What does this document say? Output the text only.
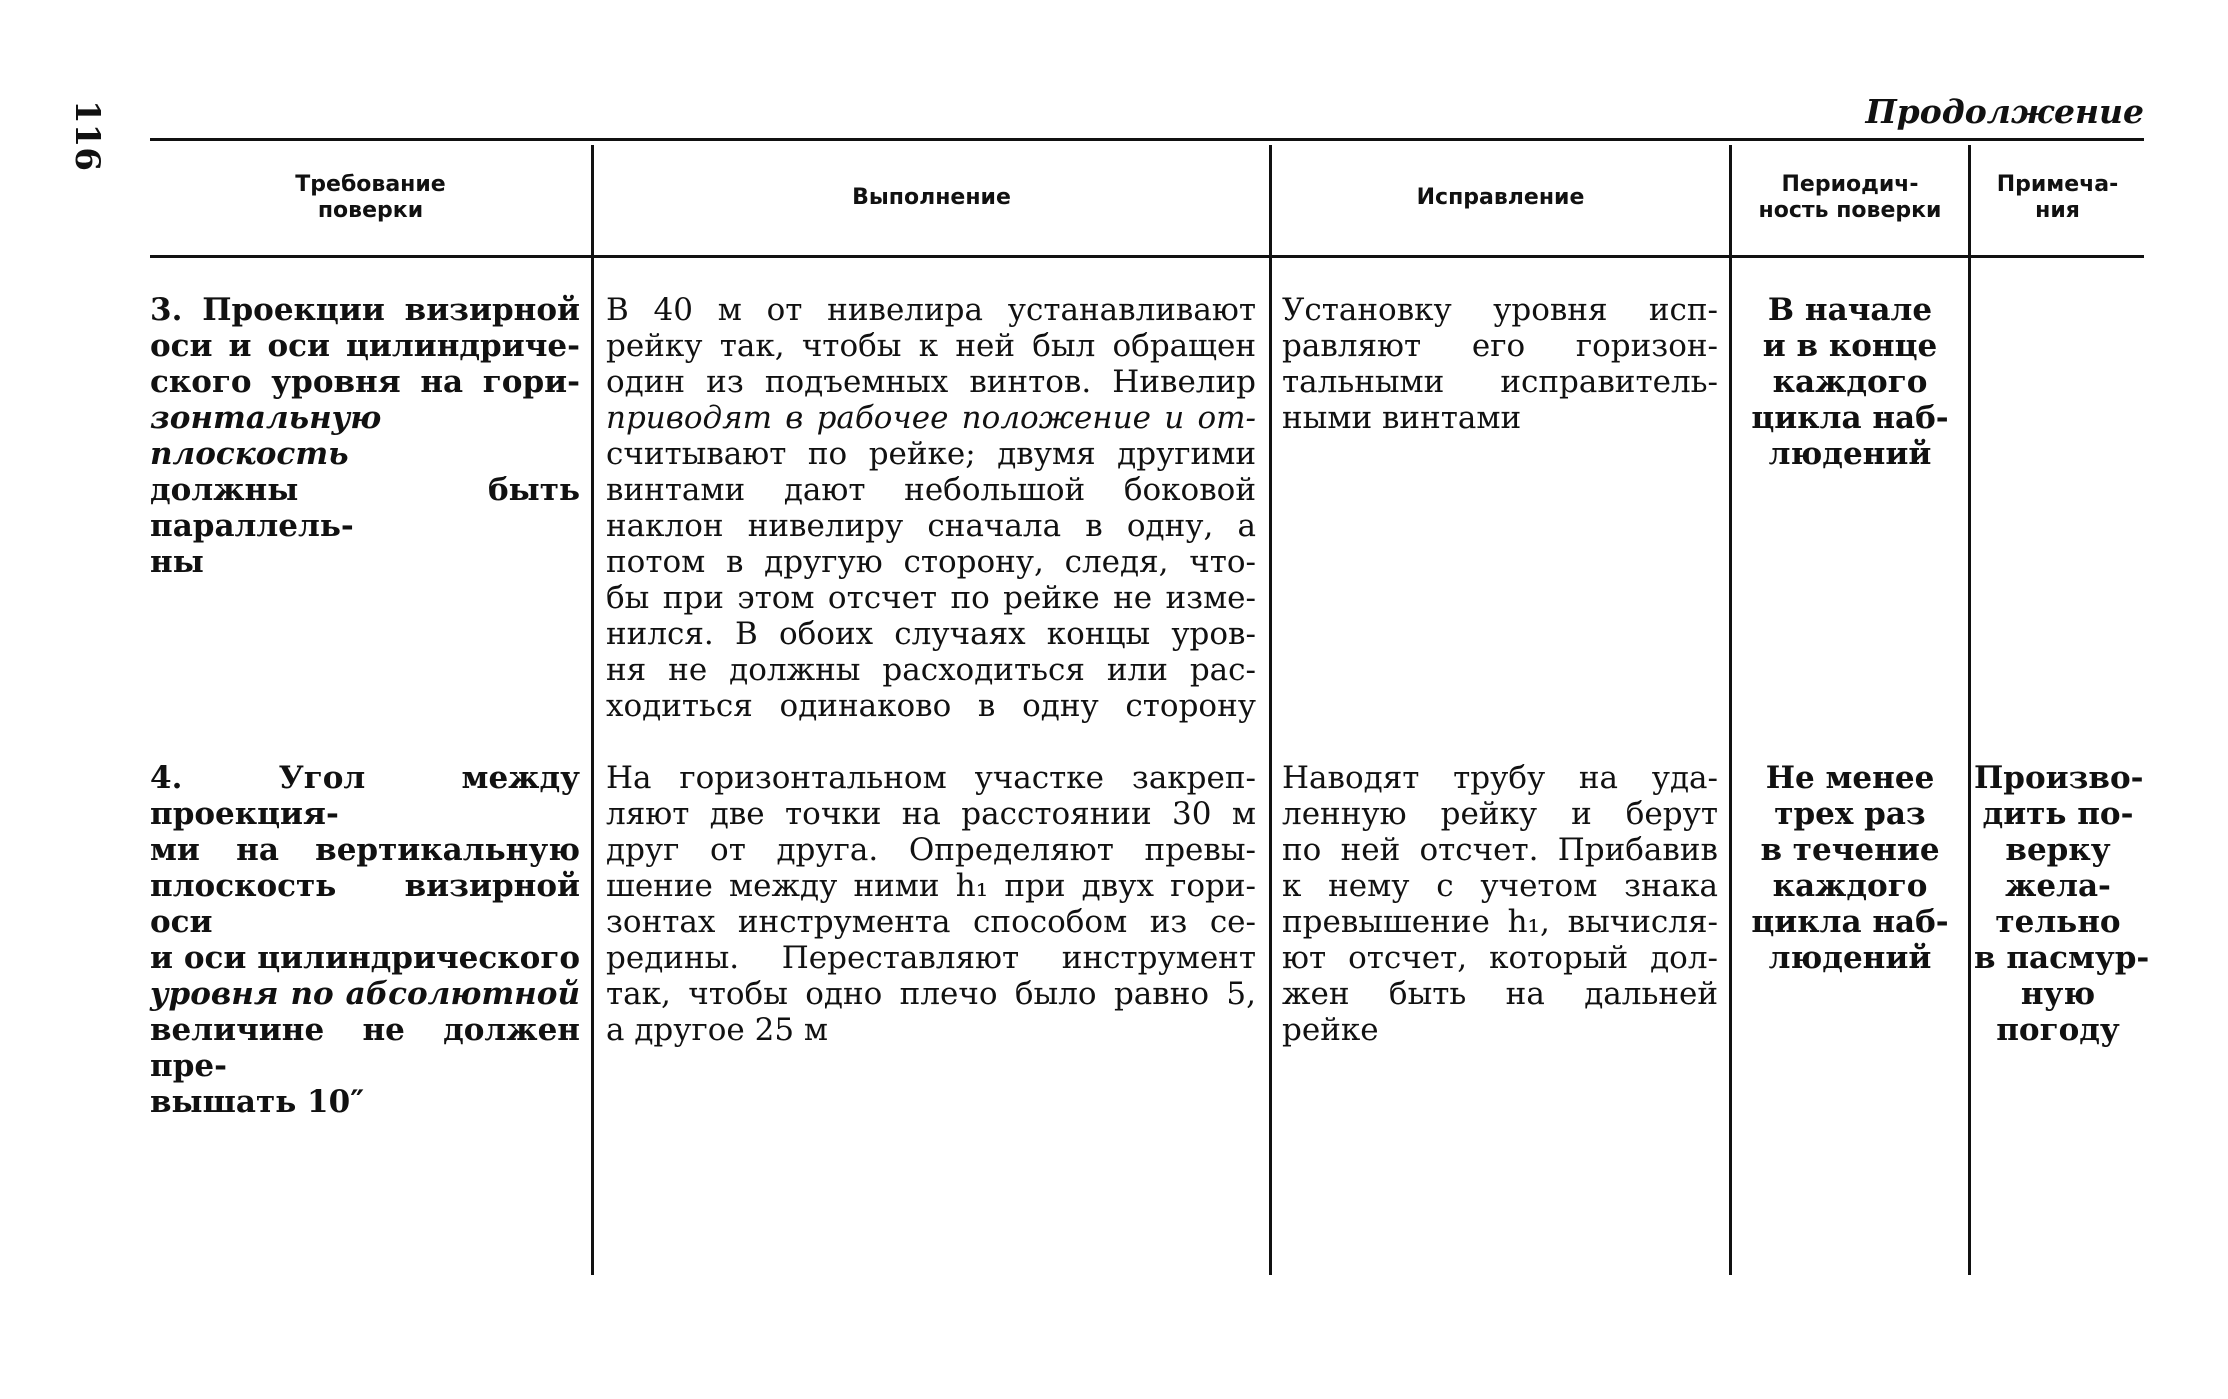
116	Продолжение
Требование
поверки
Выполнение	Исправление
Периодич-
ность поверки
Примеча-
ния
3. Проекции визирной
оси и оси цилиндриче-
ского уровня на гори-
зонтальную плоскость
должны быть параллель-
ны
В 40 м от нивелира устанавливают
рейку так, чтобы к ней был обращен
один из подъемных винтов. Нивелир
приводят в рабочее положение и от-
считывают по рейке; двумя другими
винтами дают небольшой боковой
наклон нивелиру сначала в одну, а
потом в другую сторону, следя, что-
бы при этом отсчет по рейке не изме-
нился. В обоих случаях концы уров-
ня не должны расходиться или рас-
ходиться одинаково в одну сторону
Установку уровня исп-
равляют его горизон-
тальными исправитель-
ными винтами
В начале
и в конце
каждого
цикла наб-
людений
4. Угол между проекция-
ми на вертикальную
плоскость визирной оси
и оси цилиндрического
уровня по абсолютной
величине не должен пре-
вышать 10″
На горизонтальном участке закреп-
ляют две точки на расстоянии 30 м
друг от друга. Определяют превы-
шение между ними h₁ при двух гори-
зонтах инструмента способом из се-
редины. Переставляют инструмент
так, чтобы одно плечо было равно 5,
а другое 25 м
Наводят трубу на уда-
ленную рейку и берут
по ней отсчет. Прибавив
к нему с учетом знака
превышение h₁, вычисля-
ют отсчет, который дол-
жен быть на дальней
рейке
Не менее
трех раз
в течение
каждого
цикла наб-
людений
Произво-
дить по-
верку
жела-
тельно
в пасмур-
ную
погоду
